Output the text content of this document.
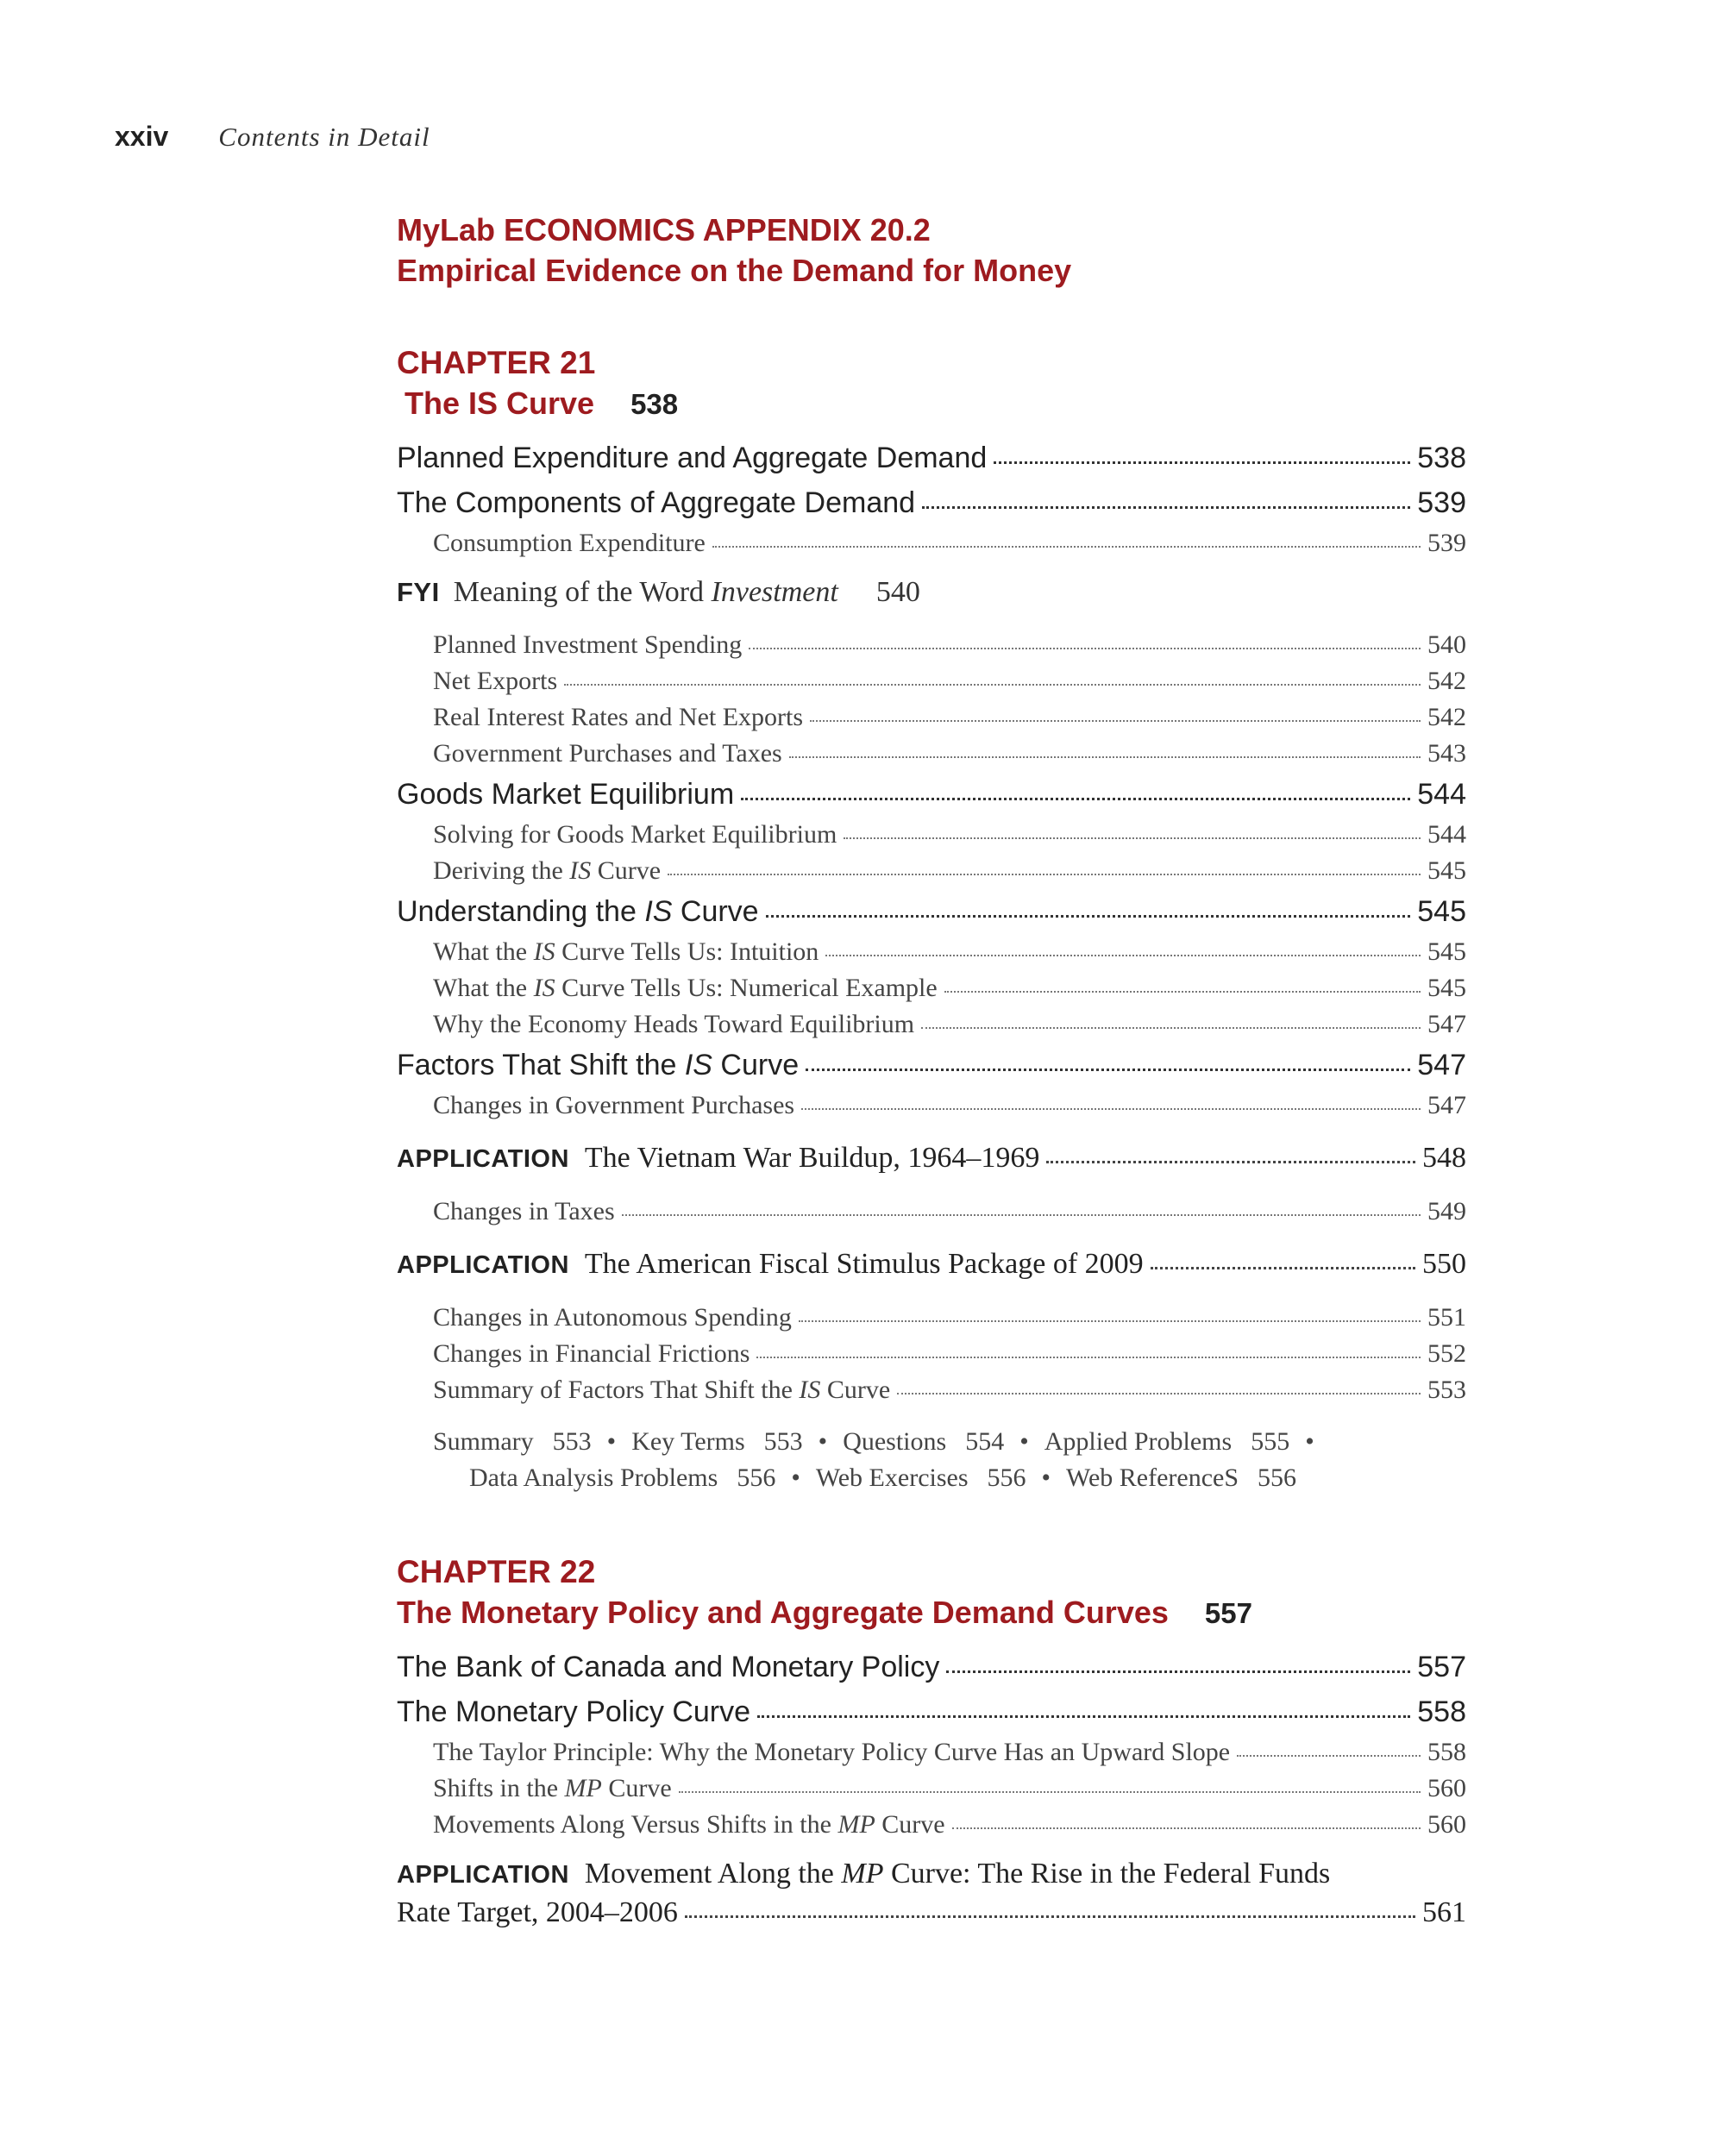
xxiv Contents in Detail
MyLab ECONOMICS APPENDIX 20.2
Empirical Evidence on the Demand for Money
CHAPTER 21
The IS Curve 538
Planned Expenditure and Aggregate Demand	538
The Components of Aggregate Demand	539
Consumption Expenditure	539
FYI Meaning of the Word Investment 540
Planned Investment Spending	540
Net Exports	542
Real Interest Rates and Net Exports	542
Government Purchases and Taxes	543
Goods Market Equilibrium	544
Solving for Goods Market Equilibrium	544
Deriving the IS Curve	545
Understanding the IS Curve	545
What the IS Curve Tells Us: Intuition	545
What the IS Curve Tells Us: Numerical Example	545
Why the Economy Heads Toward Equilibrium	547
Factors That Shift the IS Curve	547
Changes in Government Purchases	547
APPLICATION The Vietnam War Buildup, 1964–1969	548
Changes in Taxes	549
APPLICATION The American Fiscal Stimulus Package of 2009	550
Changes in Autonomous Spending	551
Changes in Financial Frictions	552
Summary of Factors That Shift the IS Curve	553
Summary 553 • Key Terms 553 • Questions 554 • Applied Problems 555 •
Data Analysis Problems 556 • Web Exercises 556 • Web ReferenceS 556
CHAPTER 22
The Monetary Policy and Aggregate Demand Curves 557
The Bank of Canada and Monetary Policy	557
The Monetary Policy Curve	558
The Taylor Principle: Why the Monetary Policy Curve Has an Upward Slope	558
Shifts in the MP Curve	560
Movements Along Versus Shifts in the MP Curve	560
APPLICATION Movement Along the MP Curve: The Rise in the Federal Funds
Rate Target, 2004–2006	561
